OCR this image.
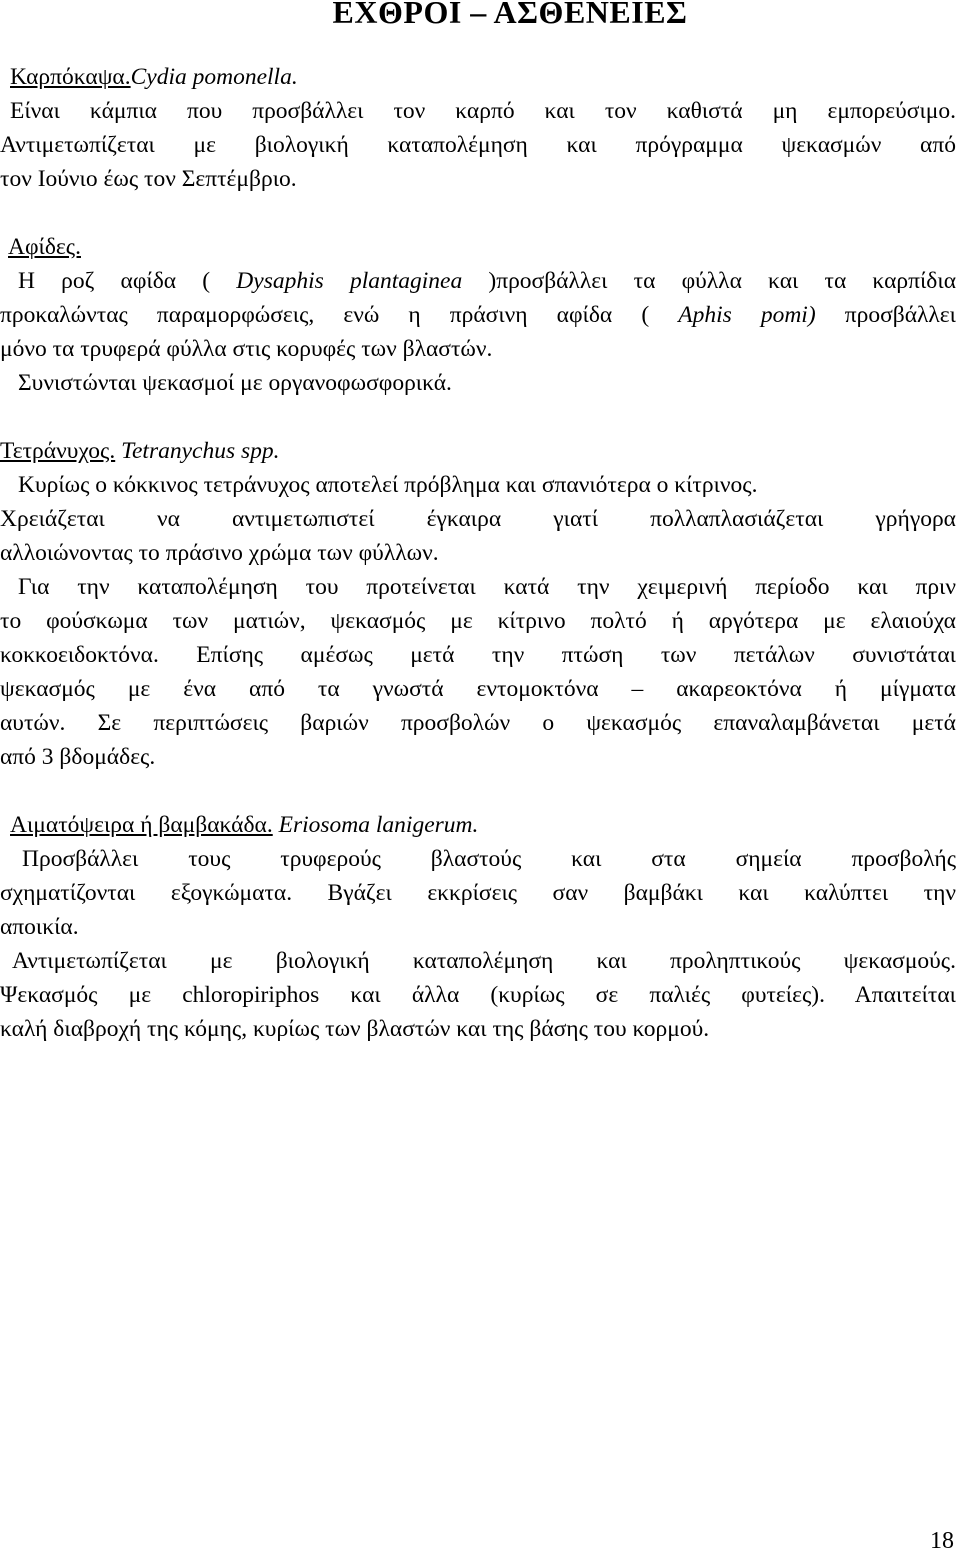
ΕΧΘΡΟΙ – ΑΣΘΕΝΕΙΕΣ
Καρπόκαψα.Cydia pomonella.
Είναι κάμπια που προσβάλλει τον καρπό και τον καθιστά μη εμπορεύσιμο.
Αντιμετωπίζεται με βιολογική καταπολέμηση και πρόγραμμα ψεκασμών από
τον Ιούνιο έως τον Σεπτέμβριο.
Αφίδες.
Η ροζ αφίδα ( Dysaphis plantaginea )προσβάλλει τα φύλλα και τα καρπίδια
προκαλώντας παραμορφώσεις, ενώ η πράσινη αφίδα ( Aphis pomi) προσβάλλει
μόνο τα τρυφερά φύλλα στις κορυφές των βλαστών.
Συνιστώνται ψεκασμοί με οργανοφωσφορικά.
Τετράνυχος. Tetranychus spp.
Κυρίως ο κόκκινος τετράνυχος αποτελεί πρόβλημα και σπανιότερα ο κίτρινος.
Χρειάζεται να αντιμετωπιστεί έγκαιρα γιατί πολλαπλασιάζεται γρήγορα
αλλοιώνοντας το πράσινο χρώμα των φύλλων.
Για την καταπολέμηση του προτείνεται κατά την χειμερινή περίοδο και πριν
το φούσκωμα των ματιών, ψεκασμός με κίτρινο πολτό ή αργότερα με ελαιούχα
κοκκοειδοκτόνα. Επίσης αμέσως μετά την πτώση των πετάλων συνιστάται
ψεκασμός με ένα από τα γνωστά εντομοκτόνα – ακαρεοκτόνα ή μίγματα
αυτών. Σε περιπτώσεις βαριών προσβολών ο ψεκασμός επαναλαμβάνεται μετά
από 3 βδομάδες.
Αιματόψειρα ή βαμβακάδα. Eriosoma lanigerum.
Προσβάλλει τους τρυφερούς βλαστούς και στα σημεία προσβολής
σχηματίζονται εξογκώματα. Βγάζει εκκρίσεις σαν βαμβάκι και καλύπτει την
αποικία.
Αντιμετωπίζεται με βιολογική καταπολέμηση και προληπτικούς ψεκασμούς.
Ψεκασμός με chloropiriphos και άλλα (κυρίως σε παλιές φυτείες). Απαιτείται
καλή διαβροχή της κόμης, κυρίως των βλαστών και της βάσης του κορμού.
18
